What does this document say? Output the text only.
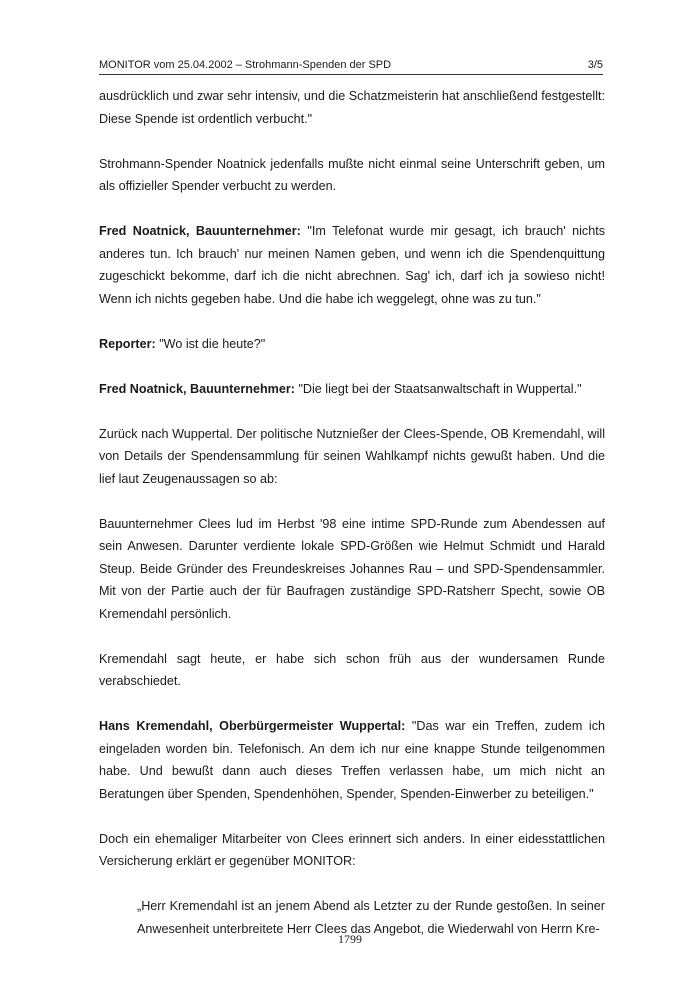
MONITOR vom 25.04.2002 – Strohmann-Spenden der SPD	3/5

ausdrücklich und zwar sehr intensiv, und die Schatzmeisterin hat anschließend festgestellt: Diese Spende ist ordentlich verbucht."

Strohmann-Spender Noatnick jedenfalls mußte nicht einmal seine Unterschrift geben, um als offizieller Spender verbucht zu werden.

Fred Noatnick, Bauunternehmer: "Im Telefonat wurde mir gesagt, ich brauch' nichts anderes tun. Ich brauch' nur meinen Namen geben, und wenn ich die Spendenquittung zugeschickt bekomme, darf ich die nicht abrechnen. Sag' ich, darf ich ja sowieso nicht! Wenn ich nichts gegeben habe. Und die habe ich weggelegt, ohne was zu tun."

Reporter: "Wo ist die heute?"

Fred Noatnick, Bauunternehmer: "Die liegt bei der Staatsanwaltschaft in Wuppertal."

Zurück nach Wuppertal. Der politische Nutznießer der Clees-Spende, OB Kremendahl, will von Details der Spendensammlung für seinen Wahlkampf nichts gewußt haben. Und die lief laut Zeugenaussagen so ab:

Bauunternehmer Clees lud im Herbst '98 eine intime SPD-Runde zum Abendessen auf sein Anwesen. Darunter verdiente lokale SPD-Größen wie Helmut Schmidt und Harald Steup. Beide Gründer des Freundeskreises Johannes Rau – und SPD-Spendensammler. Mit von der Partie auch der für Baufragen zuständige SPD-Ratsherr Specht, sowie OB Kremendahl persönlich.

Kremendahl sagt heute, er habe sich schon früh aus der wundersamen Runde verabschiedet.

Hans Kremendahl, Oberbürgermeister Wuppertal: "Das war ein Treffen, zudem ich eingeladen worden bin. Telefonisch. An dem ich nur eine knappe Stunde teilgenommen habe. Und bewußt dann auch dieses Treffen verlassen habe, um mich nicht an Beratungen über Spenden, Spendenhöhen, Spender, Spenden-Einwerber zu beteiligen."

Doch ein ehemaliger Mitarbeiter von Clees erinnert sich anders. In einer eidesstattlichen Versicherung erklärt er gegenüber MONITOR:

„Herr Kremendahl ist an jenem Abend als Letzter zu der Runde gestoßen. In seiner Anwesenheit unterbreitete Herr Clees das Angebot, die Wiederwahl von Herrn Kre-

1799
